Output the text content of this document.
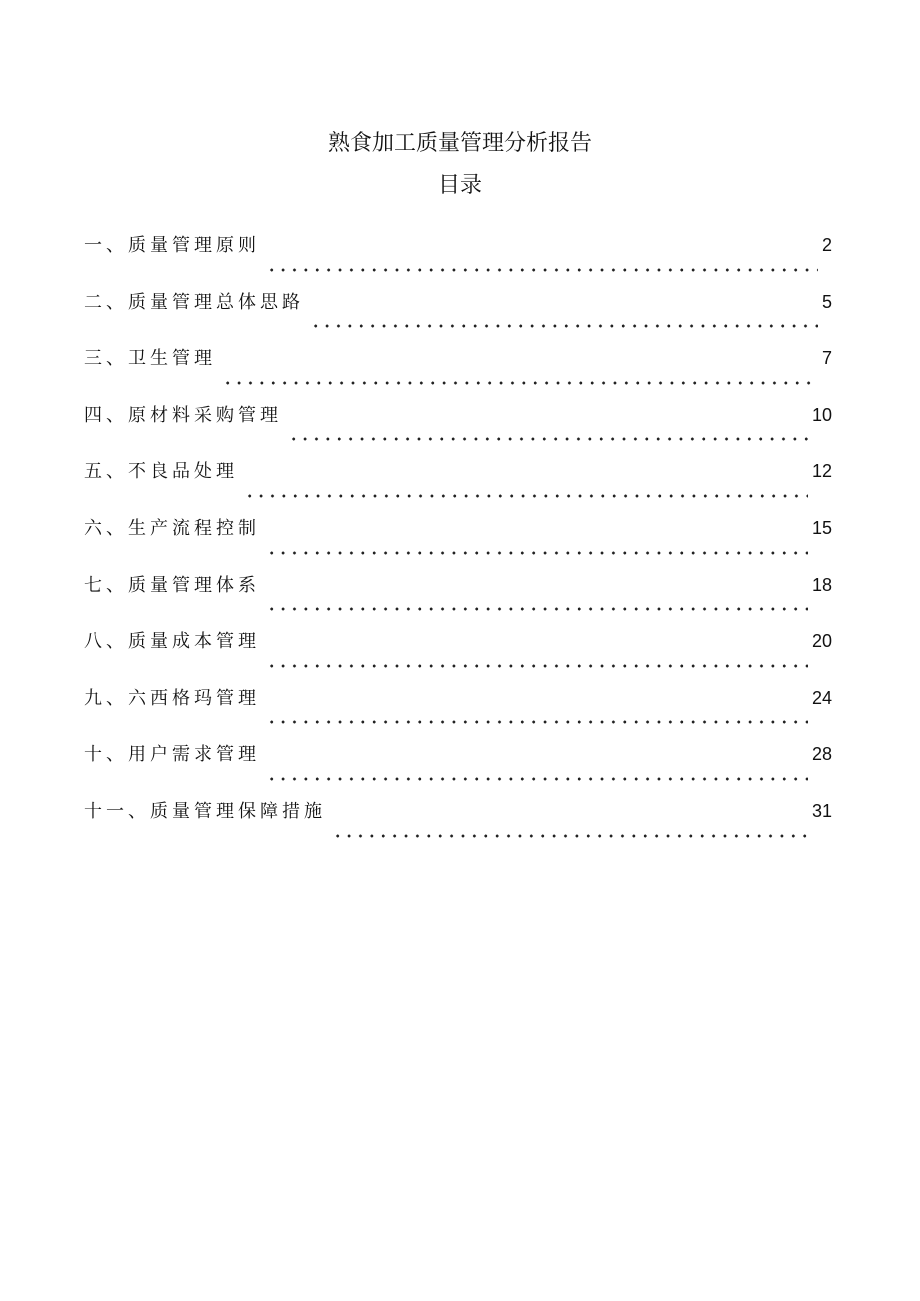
熟食加工质量管理分析报告
目录
一、质量管理原则	2
二、质量管理总体思路	5
三、卫生管理	7
四、原材料采购管理	10
五、不良品处理	12
六、生产流程控制	15
七、质量管理体系	18
八、质量成本管理	20
九、六西格玛管理	24
十、用户需求管理	28
十一、质量管理保障措施	31
